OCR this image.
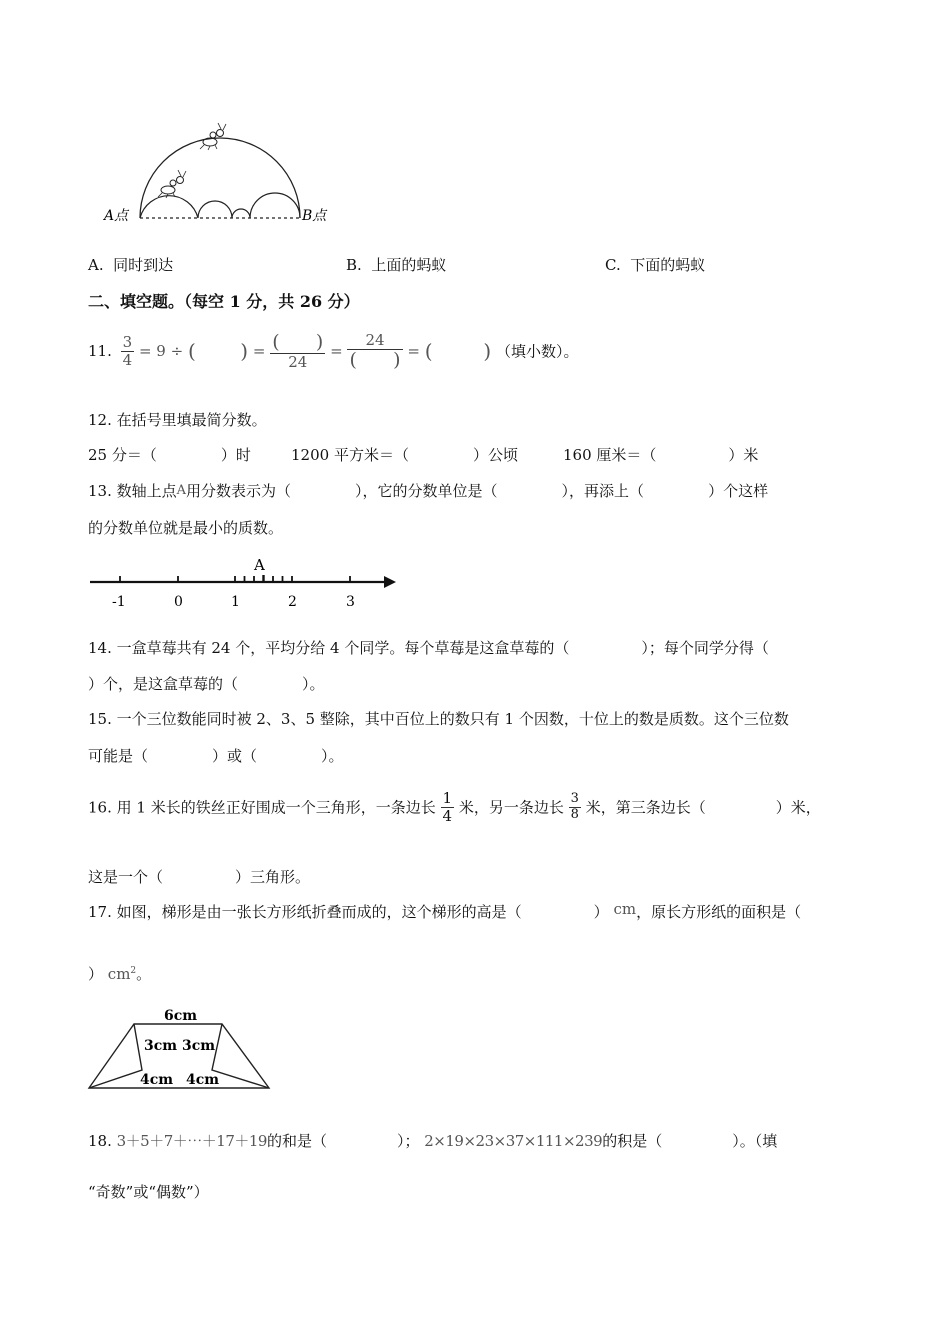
A点	B点
A. 同时到达	B. 上面的蚂蚁	C. 下面的蚂蚁
二、填空题。（每空 1 分，共 26 分）
11. $\frac{3}{4} = 9$ ÷ ( ) = $\frac{( )}{24} = \frac{24}{( )}$ = (	) （填小数）。
12. 在括号里填最简分数。
25 分＝（	）时	1200 平方米＝（	）公顷	160 厘米＝（	）米
13. 数轴上点A用分数表示为（	），它的分数单位是（	），再添上（	）个这样
的分数单位就是最小的质数。
A
-1	0	1	2	3
14. 一盒草莓共有 24 个，平均分给 4 个同学。每个草莓是这盒草莓的（	）；每个同学分得（
）个，是这盒草莓的（	）。
15. 一个三位数能同时被 2、3、5 整除，其中百位上的数只有 1 个因数，十位上的数是质数。这个三位数
可能是（	）或（	）。
16. 用 1 米长的铁丝正好围成一个三角形，一条边长 $\frac{1}{4}$ 米，另一条边长 $\frac{3}{8}$ 米，第三条边长（	）米，
这是一个（	）三角形。
17. 如图，梯形是由一张长方形纸折叠而成的，这个梯形的高是（	） cm，原长方形纸的面积是（
） $cm^2$。
6cm
3cm 3cm
4cm 4cm
18. 3＋5＋7＋⋯＋17＋19的和是（	）； 2×19×23×37×111×239的积是（	）。（填
“奇数”或“偶数”）
